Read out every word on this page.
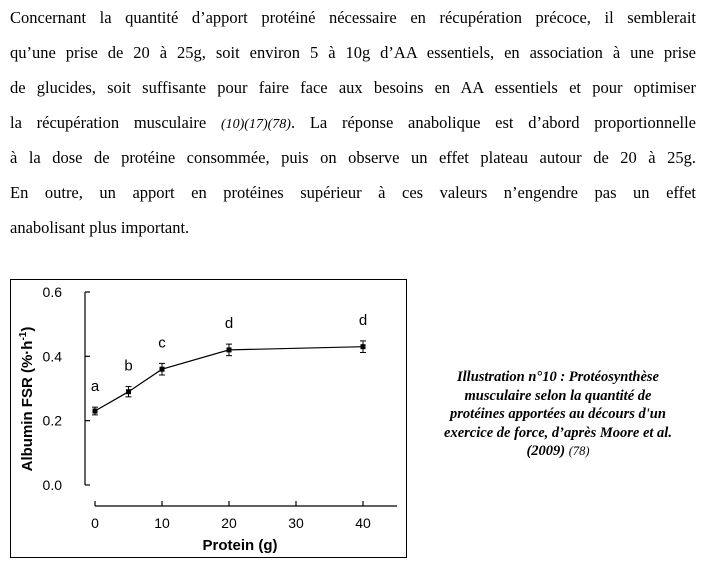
Concernant la quantité d’apport protéiné nécessaire en récupération précoce, il semblerait
qu’une prise de 20 à 25g, soit environ 5 à 10g d’AA essentiels, en association à une prise
de glucides, soit suffisante pour faire face aux besoins en AA essentiels et pour optimiser
la récupération musculaire (10)(17)(78). La réponse anabolique est d’abord proportionnelle
à la dose de protéine consommée, puis on observe un effet plateau autour de 20 à 25g.
En outre, un apport en protéines supérieur à ces valeurs n’engendre pas un effet
anabolisant plus important.
0.0
0.2
0.4
0.6
0	10	20	30	40
a
b
c
d	d
Protein (g)
Albumin FSR $(\%\cdot h^{-1})$
Illustration n°10 : Protéosynthèse
musculaire selon la quantité de
protéines apportées au décours d'un
exercice de force, d’après Moore et al.
(2009) (78)
